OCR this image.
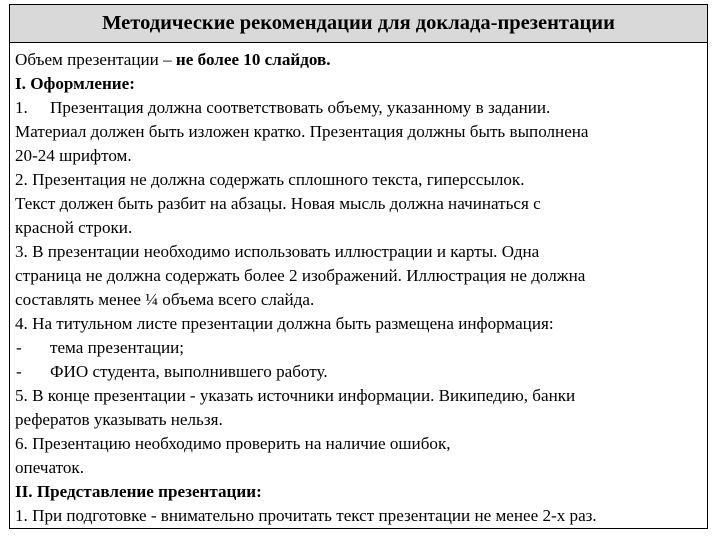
Методические рекомендации для доклада-презентации
Объем презентации – не более 10 слайдов.
I. Оформление:
1. Презентация должна соответствовать объему, указанному в задании.
Материал должен быть изложен кратко. Презентация должны быть выполнена
20-24 шрифтом.
2. Презентация не должна содержать сплошного текста, гиперссылок.
Текст должен быть разбит на абзацы. Новая мысль должна начинаться с
красной строки.
3. В презентации необходимо использовать иллюстрации и карты. Одна
страница не должна содержать более 2 изображений. Иллюстрация не должна
составлять менее ¼ объема всего слайда.
4. На титульном листе презентации должна быть размещена информация:
- тема презентации;
- ФИО студента, выполнившего работу.
5. В конце презентации - указать источники информации. Википедию, банки
рефератов указывать нельзя.
6. Презентацию необходимо проверить на наличие ошибок,
опечаток.
II. Представление презентации:
1. При подготовке - внимательно прочитать текст презентации не менее 2-х раз.
